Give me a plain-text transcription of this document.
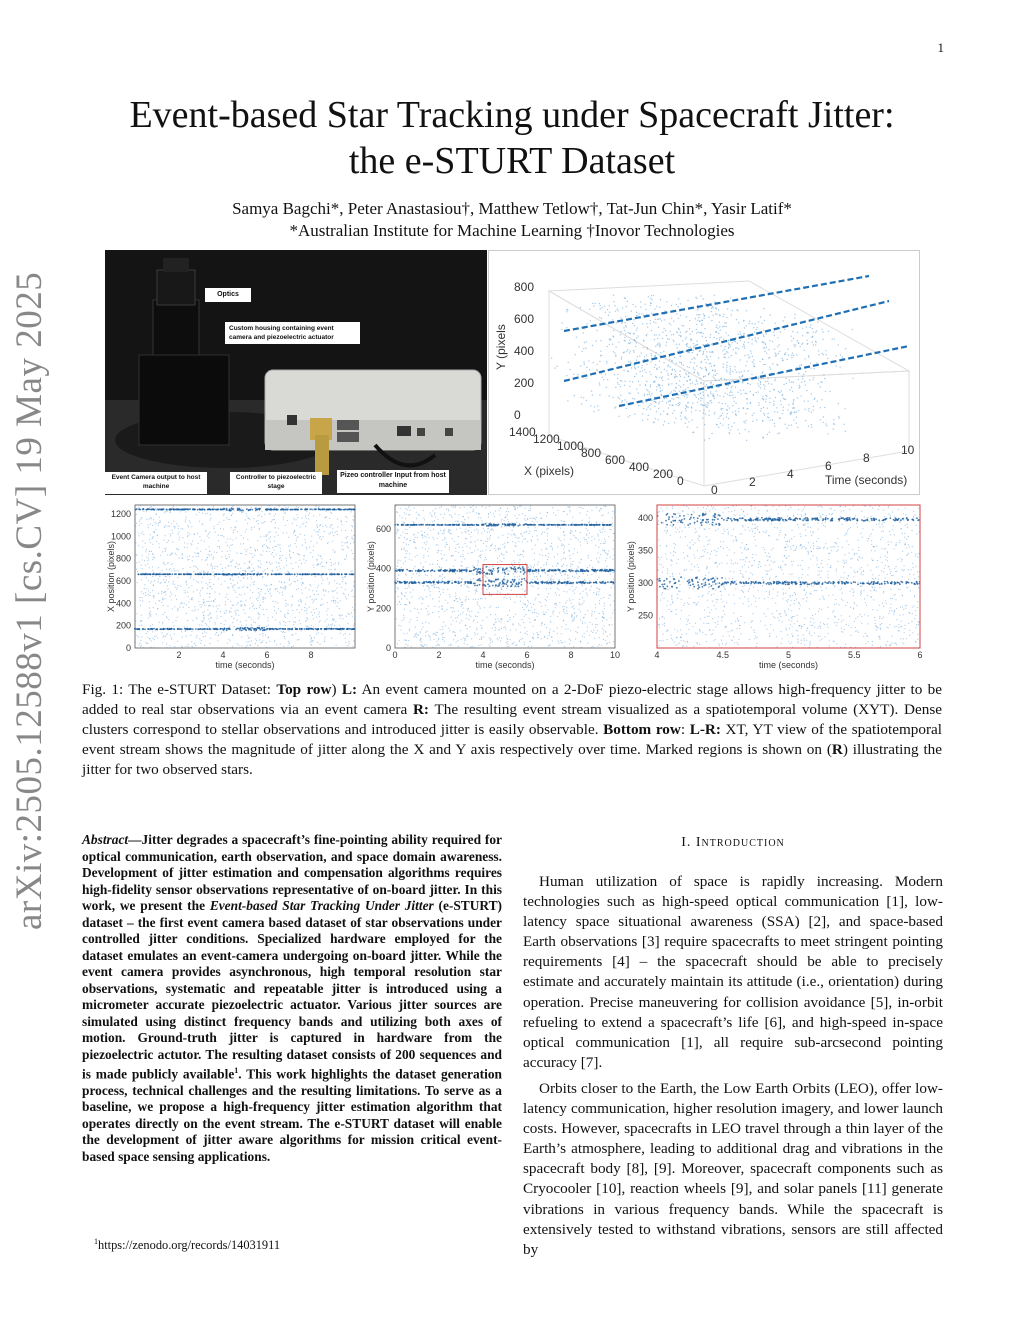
1
arXiv:2505.12588v1 [cs.CV] 19 May 2025
Event-based Star Tracking under Spacecraft Jitter:
the e-STURT Dataset
Samya Bagchi*, Peter Anastasiou†, Matthew Tetlow†, Tat-Jun Chin*, Yasir Latif*
*Australian Institute for Machine Learning †Inovor Technologies
Optics
Custom housing containing event camera and piezoelectric actuator
Event Camera output to host machine
Controller to piezoelectric stage
Pizeo controller Input from host machine
Y (pixels
X (pixels)
Time (seconds)
800
600
400
200
0
1400
1200
1000
800 600 400 200 0
0
2
4
6
8
10
2	4	6	8
0
200
400
600
800
1000
1200
time (seconds)
X position (pixels)
0	2	4	6	8	10
0
200
400
600
time (seconds)
Y position (pixels)
4	4.5	5	5.5	6
250
300
350
400
time (seconds)
Y position (pixels)
Fig. 1: The e-STURT Dataset: Top row) L: An event camera mounted on a 2-DoF piezo-electric stage allows high-frequency jitter to be added to real star observations via an event camera R: The resulting event stream visualized as a spatiotemporal volume (XYT). Dense clusters correspond to stellar observations and introduced jitter is easily observable. Bottom row: L-R: XT, YT view of the spatiotemporal event stream shows the magnitude of jitter along the X and Y axis respectively over time. Marked regions is shown on (R) illustrating the jitter for two observed stars.
Abstract—Jitter degrades a spacecraft’s fine-pointing ability required for optical communication, earth observation, and space domain awareness. Development of jitter estimation and compensation algorithms requires high-fidelity sensor observations representative of on-board jitter. In this work, we present the Event-based Star Tracking Under Jitter (e-STURT) dataset – the first event camera based dataset of star observations under controlled jitter conditions. Specialized hardware employed for the dataset emulates an event-camera undergoing on-board jitter. While the event camera provides asynchronous, high temporal resolution star observations, systematic and repeatable jitter is introduced using a micrometer accurate piezoelectric actuator. Various jitter sources are simulated using distinct frequency bands and utilizing both axes of motion. Ground-truth jitter is captured in hardware from the piezoelectric actutor. The resulting dataset consists of 200 sequences and is made publicly available$^1$. This work highlights the dataset generation process, technical challenges and the resulting limitations. To serve as a baseline, we propose a high-frequency jitter estimation algorithm that operates directly on the event stream. The e-STURT dataset will enable the development of jitter aware algorithms for mission critical event-based space sensing applications.
$^1$https://zenodo.org/records/14031911
I. Introduction

Human utilization of space is rapidly increasing. Modern technologies such as high-speed optical communication [1], low-latency space situational awareness (SSA) [2], and space-based Earth observations [3] require spacecrafts to meet stringent pointing requirements [4] – the spacecraft should be able to precisely estimate and accurately maintain its attitude (i.e., orientation) during operation. Precise maneuvering for collision avoidance [5], in-orbit refueling to extend a spacecraft’s life [6], and high-speed in-space optical communication [1], all require sub-arcsecond pointing accuracy [7].

Orbits closer to the Earth, the Low Earth Orbits (LEO), offer low-latency communication, higher resolution imagery, and lower launch costs. However, spacecrafts in LEO travel through a thin layer of the Earth’s atmosphere, leading to additional drag and vibrations in the spacecraft body [8], [9]. Moreover, spacecraft components such as Cryocooler [10], reaction wheels [9], and solar panels [11] generate vibrations in various frequency bands. While the spacecraft is extensively tested to withstand vibrations, sensors are still affected by
